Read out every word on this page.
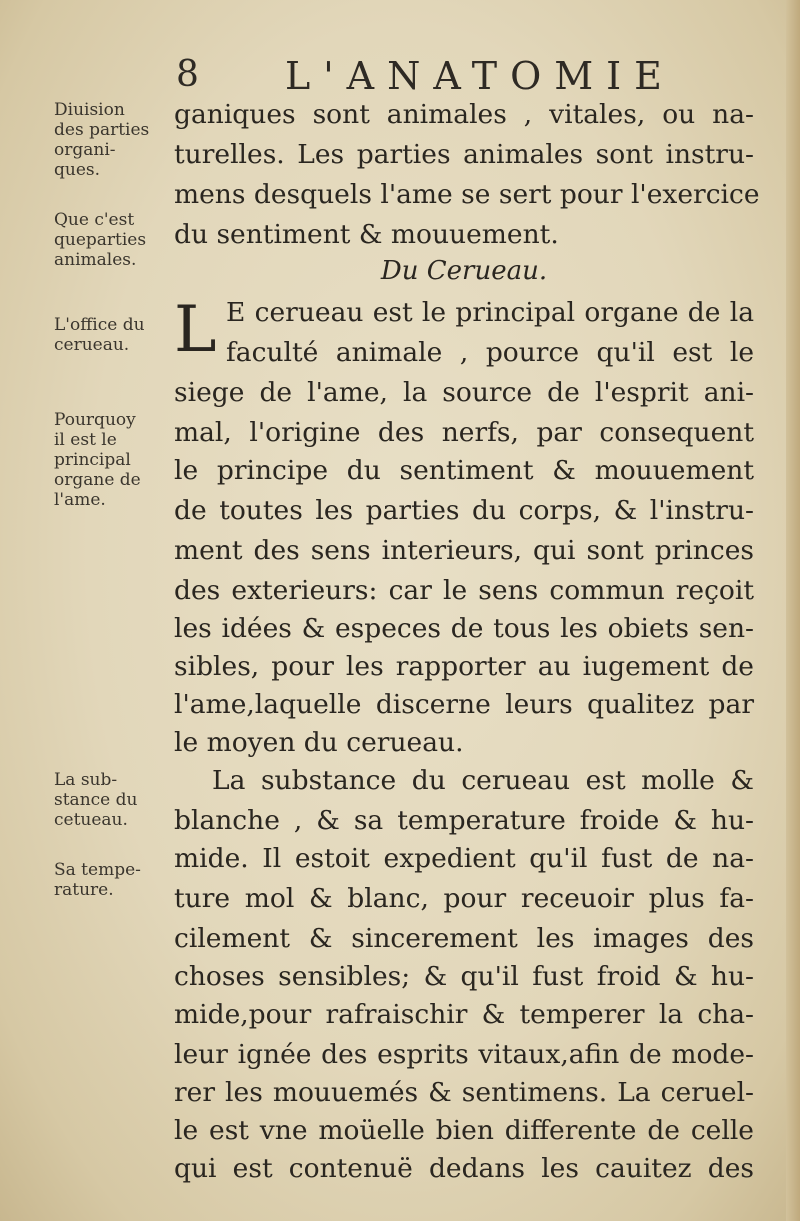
8 L'ANATOMIE
Diuision
des parties
organi-
ques.
Que c'est
queparties
animales.
L'office du
cerueau.
Pourquoy
il est le
principal
organe de
l'ame.
La sub-
stance du
cetueau.
Sa tempe-
rature.
ganiques sont animales , vitales, ou na-
turelles. Les parties animales sont instru-
mens desquels l'ame se sert pour l'exercice
du sentiment & mouuement.
Du Cerueau.
L E cerueau est le principal organe de la
faculté animale , pource qu'il est le
siege de l'ame, la source de l'esprit ani-
mal, l'origine des nerfs, par consequent
le principe du sentiment & mouuement
de toutes les parties du corps, & l'instru-
ment des sens interieurs, qui sont princes
des exterieurs: car le sens commun reçoit
les idées & especes de tous les obiets sen-
sibles, pour les rapporter au iugement de
l'ame,laquelle discerne leurs qualitez par
le moyen du cerueau.
La substance du cerueau est molle &
blanche , & sa temperature froide & hu-
mide. Il estoit expedient qu'il fust de na-
ture mol & blanc, pour receuoir plus fa-
cilement & sincerement les images des
choses sensibles; & qu'il fust froid & hu-
mide,pour rafraischir & temperer la cha-
leur ignée des esprits vitaux,afin de mode-
rer les mouuemés & sentimens. La ceruel-
le est vne moüelle bien differente de celle
qui est contenuë dedans les cauitez des
